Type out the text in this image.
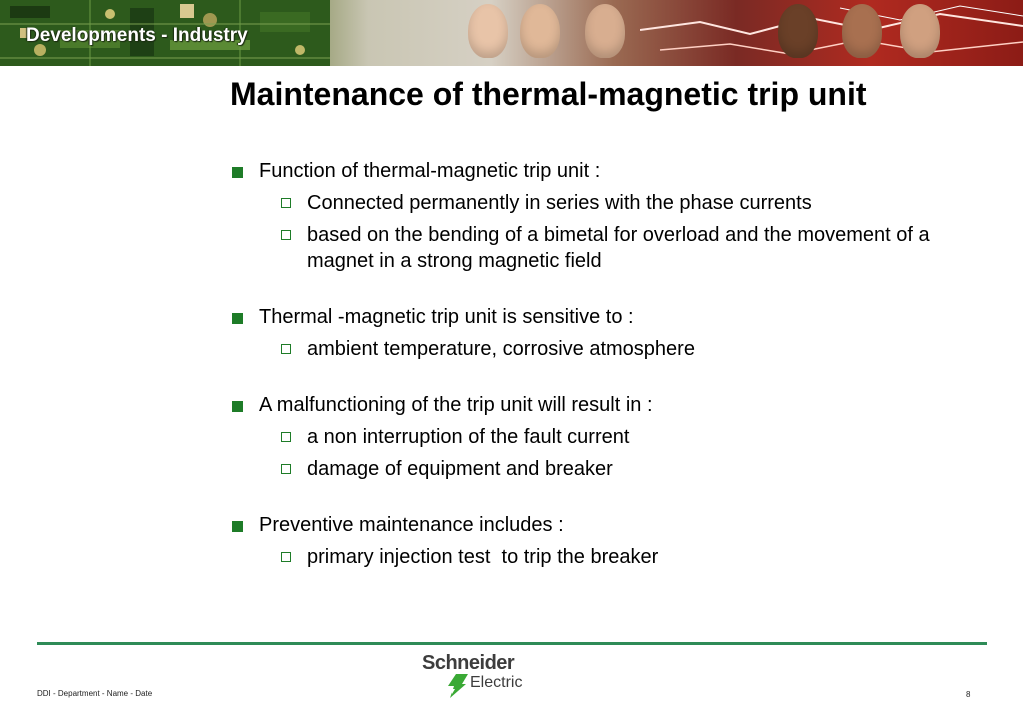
Developments - Industry
Maintenance of thermal-magnetic trip unit
Function of thermal-magnetic trip unit :
Connected permanently in series with the phase currents
based on the bending of a bimetal for overload and the movement of a magnet in a strong magnetic field
Thermal -magnetic trip unit is sensitive to :
ambient temperature, corrosive atmosphere
A malfunctioning of the trip unit will result in :
a non interruption of the fault current
damage of equipment and breaker
Preventive maintenance includes :
primary injection test  to trip the breaker
Schneider
Electric
DDI - Department - Name - Date	8
